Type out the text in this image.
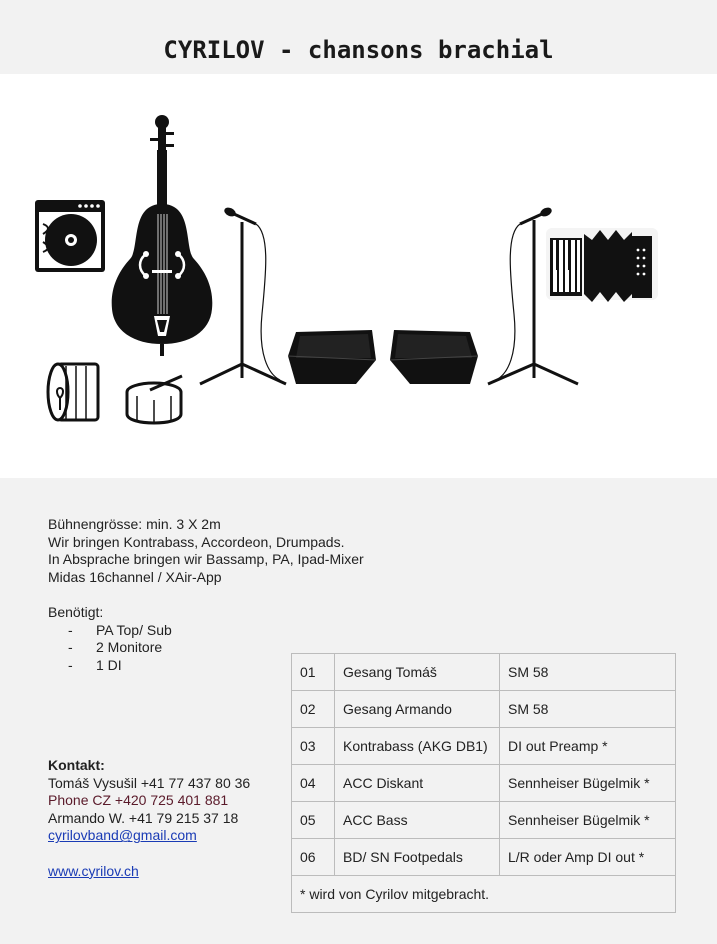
CYRILOV - chansons brachial

Bühnengrösse: min. 3 X 2m

Wir bringen Kontrabass, Accordeon, Drumpads.

In Absprache bringen wir Bassamp, PA, Ipad-Mixer

Midas 16channel / XAir-App

Benötigt:

- PA Top/ Sub
- 2 Monitore
- 1 DI

Kontakt:

Tomáš Vysušil +41 77 437 80 36

Phone CZ +420 725 401 881

Armando W. +41 79 215 37 18

cyrilovband@gmail.com

www.cyrilov.ch

01	Gesang Tomáš	SM 58
02	Gesang Armando	SM 58
03	Kontrabass (AKG DB1)	DI out Preamp *
04	ACC Diskant	Sennheiser Bügelmik *
05	ACC Bass	Sennheiser Bügelmik *
06	BD/ SN Footpedals	L/R oder Amp DI out *
* wird von Cyrilov mitgebracht.		
